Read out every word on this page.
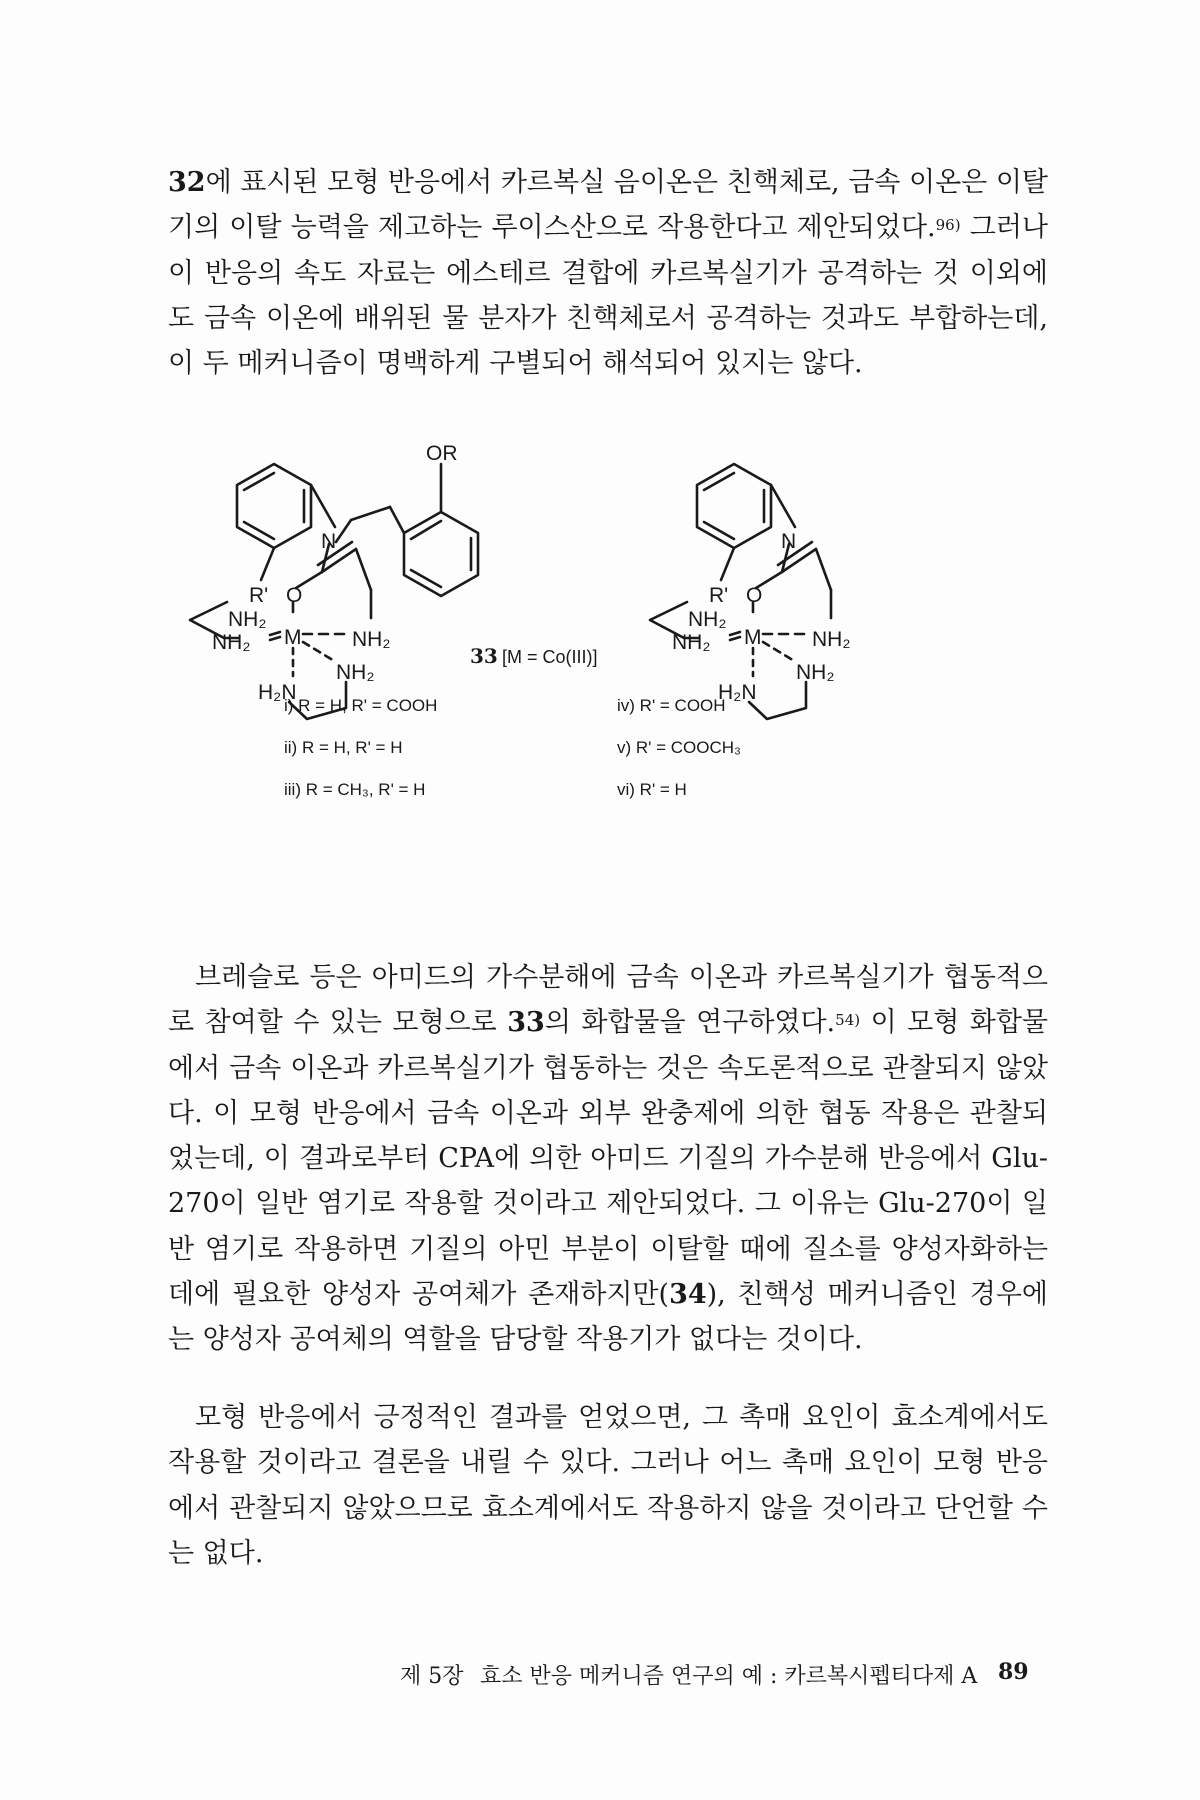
32에 표시된 모형 반응에서 카르복실 음이온은 친핵체로, 금속 이온은 이탈기의 이탈 능력을 제고하는 루이스산으로 작용한다고 제안되었다.$^{96)}$ 그러나 이 반응의 속도 자료는 에스테르 결합에 카르복실기가 공격하는 것 이외에도 금속 이온에 배위된 물 분자가 친핵체로서 공격하는 것과도 부합하는데, 이 두 메커니즘이 명백하게 구별되어 해석되어 있지는 않다.

OR
N
R' O
M
NH₂
NH₂	NH₂
NH₂
H₂N
N
R' O
M
NH₂
NH₂	NH₂
NH₂
H₂N
33 [M = Co(III)]
i) R = H, R' = COOH
ii) R = H, R' = H
iii) R = CH₃, R' = H
iv) R' = COOH
v) R' = COOCH₃
vi) R' = H

브레슬로 등은 아미드의 가수분해에 금속 이온과 카르복실기가 협동적으로 참여할 수 있는 모형으로 33의 화합물을 연구하였다.$^{54)}$ 이 모형 화합물에서 금속 이온과 카르복실기가 협동하는 것은 속도론적으로 관찰되지 않았다. 이 모형 반응에서 금속 이온과 외부 완충제에 의한 협동 작용은 관찰되었는데, 이 결과로부터 CPA에 의한 아미드 기질의 가수분해 반응에서 Glu-270이 일반 염기로 작용할 것이라고 제안되었다. 그 이유는 Glu-270이 일반 염기로 작용하면 기질의 아민 부분이 이탈할 때에 질소를 양성자화하는 데에 필요한 양성자 공여체가 존재하지만(34), 친핵성 메커니즘인 경우에는 양성자 공여체의 역할을 담당할 작용기가 없다는 것이다.

모형 반응에서 긍정적인 결과를 얻었으면, 그 촉매 요인이 효소계에서도 작용할 것이라고 결론을 내릴 수 있다. 그러나 어느 촉매 요인이 모형 반응에서 관찰되지 않았으므로 효소계에서도 작용하지 않을 것이라고 단언할 수는 없다.

제 5장 효소 반응 메커니즘 연구의 예 : 카르복시펩티다제 A 89
